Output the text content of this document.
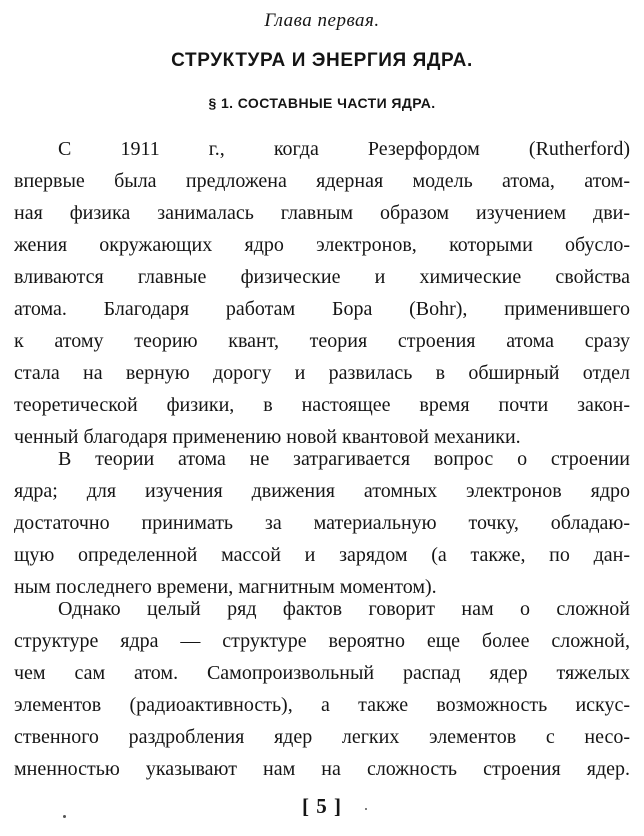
Глава первая.
СТРУКТУРА И ЭНЕРГИЯ ЯДРА.
§ 1. СОСТАВНЫЕ ЧАСТИ ЯДРА.
С 1911 г., когда Резерфордом (Rutherford)
впервые была предложена ядерная модель атома, атом-
ная физика занималась главным образом изучением дви-
жения окружающих ядро электронов, которыми обусло-
вливаются главные физические и химические свойства
атома. Благодаря работам Бора (Bohr), применившего
к атому теорию квант, теория строения атома сразу
стала на верную дорогу и развилась в обширный отдел
теоретической физики, в настоящее время почти закон-
ченный благодаря применению новой квантовой механики.
В теории атома не затрагивается вопрос о строении
ядра; для изучения движения атомных электронов ядро
достаточно принимать за материальную точку, обладаю-
щую определенной массой и зарядом (а также, по дан-
ным последнего времени, магнитным моментом).
Однако целый ряд фактов говорит нам о сложной
структуре ядра — структуре вероятно еще более сложной,
чем сам атом. Самопроизвольный распад ядер тяжелых
элементов (радиоактивность), а также возможность искус-
ственного раздробления ядер легких элементов с несо-
мненностью указывают нам на сложность строения ядер.
[ 5 ]
